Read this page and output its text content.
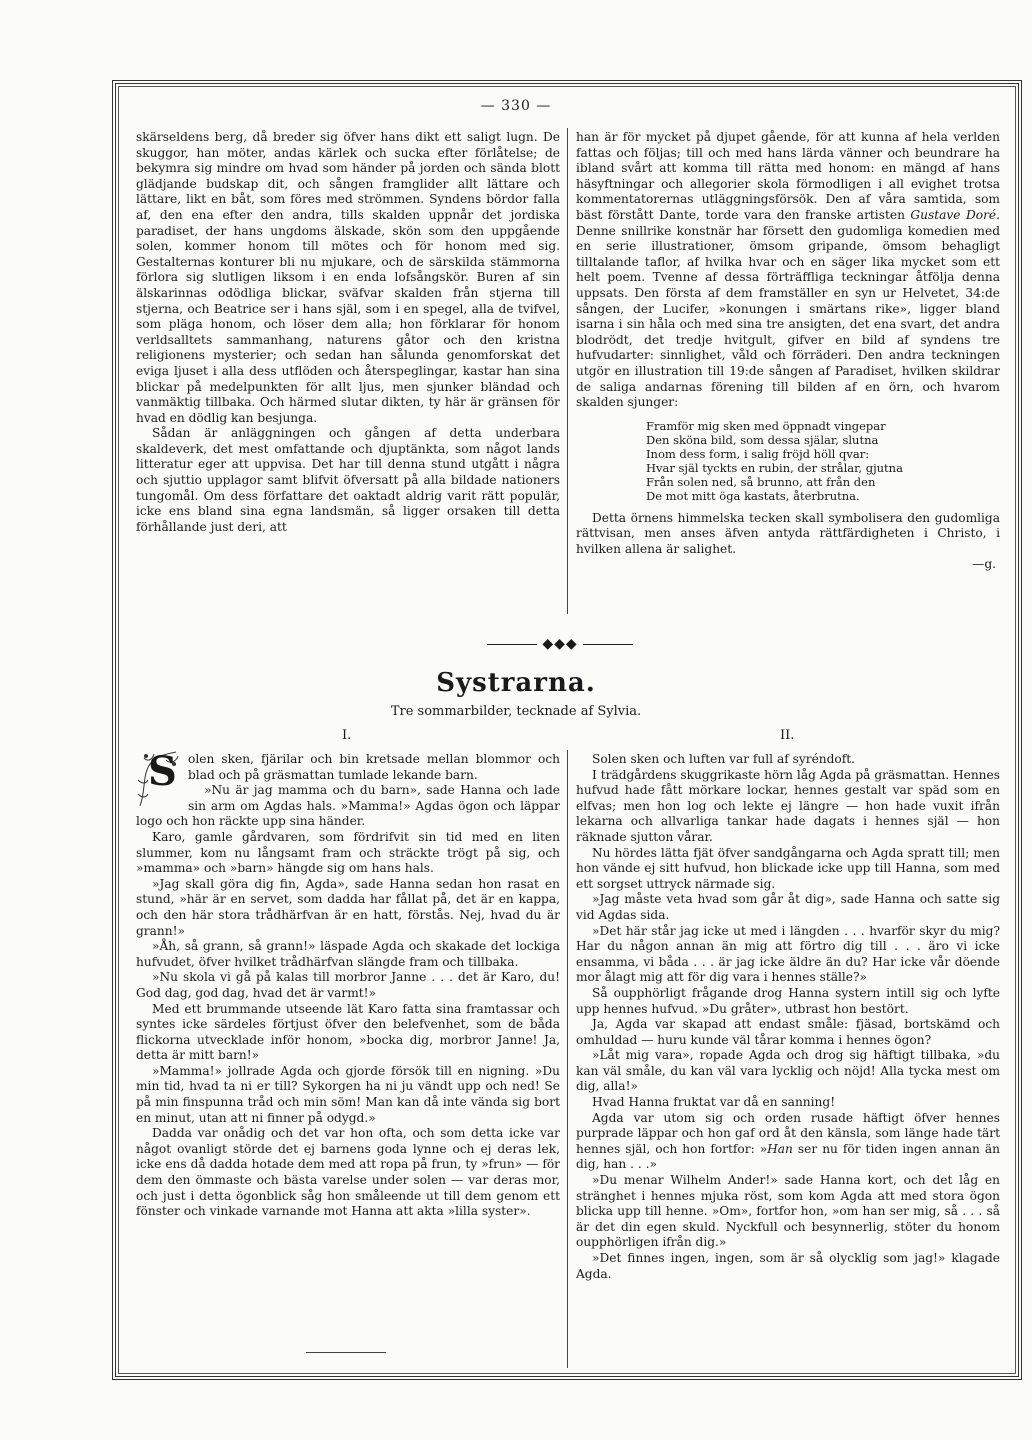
— 330 —

skärseldens berg, då breder sig öfver hans dikt ett saligt lugn. De skuggor, han möter, andas kärlek och sucka efter förlåtelse; de bekymra sig mindre om hvad som händer på jorden och sända blott glädjande budskap dit, och sången framglider allt lättare och lättare, likt en båt, som föres med strömmen. Syndens bördor falla af, den ena efter den andra, tills skalden uppnår det jordiska paradiset, der hans ungdoms älskade, skön som den uppgående solen, kommer honom till mötes och för honom med sig. Gestalternas konturer bli nu mjukare, och de särskilda stämmorna förlora sig slutligen liksom i en enda lofsångskör. Buren af sin älskarinnas odödliga blickar, sväfvar skalden från stjerna till stjerna, och Beatrice ser i hans själ, som i en spegel, alla de tvifvel, som pläga honom, och löser dem alla; hon förklarar för honom verldsalltets sammanhang, naturens gåtor och den kristna religionens mysterier; och sedan han sålunda genomforskat det eviga ljuset i alla dess utflöden och återspeglingar, kastar han sina blickar på medelpunkten för allt ljus, men sjunker bländad och vanmäktig tillbaka. Och härmed slutar dikten, ty här är gränsen för hvad en dödlig kan besjunga.

Sådan är anläggningen och gången af detta underbara skaldeverk, det mest omfattande och djuptänkta, som något lands litteratur eger att uppvisa. Det har till denna stund utgått i några och sjuttio upplagor samt blifvit öfversatt på alla bildade nationers tungomål. Om dess författare det oaktadt aldrig varit rätt populär, icke ens bland sina egna landsmän, så ligger orsaken till detta förhållande just deri, att

han är för mycket på djupet gående, för att kunna af hela verlden fattas och följas; till och med hans lärda vänner och beundrare ha ibland svårt att komma till rätta med honom: en mängd af hans häsyftningar och allegorier skola förmodligen i all evighet trotsa kommentatorernas utläggningsförsök. Den af våra samtida, som bäst förstått Dante, torde vara den franske artisten Gustave Doré. Denne snillrike konstnär har försett den gudomliga komedien med en serie illustrationer, ömsom gripande, ömsom behagligt tilltalande taflor, af hvilka hvar och en säger lika mycket som ett helt poem. Tvenne af dessa förträffliga teckningar åtfölja denna uppsats. Den första af dem framställer en syn ur Helvetet, 34:de sången, der Lucifer, »konungen i smärtans rike», ligger bland isarna i sin håla och med sina tre ansigten, det ena svart, det andra blodrödt, det tredje hvitgult, gifver en bild af syndens tre hufvudarter: sinnlighet, våld och förräderi. Den andra teckningen utgör en illustration till 19:de sången af Paradiset, hvilken skildrar de saliga andarnas förening till bilden af en örn, och hvarom skalden sjunger:

Framför mig sken med öppnadt vingepar
Den sköna bild, som dessa själar, slutna
Inom dess form, i salig fröjd höll qvar:
Hvar själ tyckts en rubin, der strålar, gjutna
Från solen ned, så brunno, att från den
De mot mitt öga kastats, återbrutna.

Detta örnens himmelska tecken skall symbolisera den gudomliga rättvisan, men anses äfven antyda rättfärdigheten i Christo, i hvilken allena är salighet.

—g.
◆◆◆
Systrarna.
Tre sommarbilder, tecknade af Sylvia.
I.	II.
S olen sken, fjärilar och bin kretsade mellan blommor och blad och på gräsmattan tumlade lekande barn.

»Nu är jag mamma och du barn», sade Hanna och lade sin arm om Agdas hals. »Mamma!» Agdas ögon och läppar logo och hon räckte upp sina händer.

Karo, gamle gårdvaren, som fördrifvit sin tid med en liten slummer, kom nu långsamt fram och sträckte trögt på sig, och »mamma» och »barn» hängde sig om hans hals.

»Jag skall göra dig fin, Agda», sade Hanna sedan hon rasat en stund, »här är en servet, som dadda har fållat på, det är en kappa, och den här stora trådhärfvan är en hatt, förstås. Nej, hvad du är grann!»

»Åh, så grann, så grann!» läspade Agda och skakade det lockiga hufvudet, öfver hvilket trådhärfvan slängde fram och tillbaka.

»Nu skola vi gå på kalas till morbror Janne . . . det är Karo, du! God dag, god dag, hvad det är varmt!»

Med ett brummande utseende lät Karo fatta sina framtassar och syntes icke särdeles förtjust öfver den belefvenhet, som de båda flickorna utvecklade inför honom, »bocka dig, morbror Janne! Ja, detta är mitt barn!»

»Mamma!» jollrade Agda och gjorde försök till en nigning. »Du min tid, hvad ta ni er till? Sykorgen ha ni ju vändt upp och ned! Se på min finspunna tråd och min söm! Man kan då inte vända sig bort en minut, utan att ni finner på odygd.»

Dadda var onådig och det var hon ofta, och som detta icke var något ovanligt störde det ej barnens goda lynne och ej deras lek, icke ens då dadda hotade dem med att ropa på frun, ty »frun» — för dem den ömmaste och bästa varelse under solen — var deras mor, och just i detta ögonblick såg hon småleende ut till dem genom ett fönster och vinkade varnande mot Hanna att akta »lilla syster».

Solen sken och luften var full af syréndoft.

I trädgårdens skuggrikaste hörn låg Agda på gräsmattan. Hennes hufvud hade fått mörkare lockar, hennes gestalt var späd som en elfvas; men hon log och lekte ej längre — hon hade vuxit ifrån lekarna och allvarliga tankar hade dagats i hennes själ — hon räknade sjutton vårar.

Nu hördes lätta fjät öfver sandgångarna och Agda spratt till; men hon vände ej sitt hufvud, hon blickade icke upp till Hanna, som med ett sorgset uttryck närmade sig.

»Jag måste veta hvad som går åt dig», sade Hanna och satte sig vid Agdas sida.

»Det här står jag icke ut med i längden . . . hvarför skyr du mig? Har du någon annan än mig att förtro dig till . . . äro vi icke ensamma, vi båda . . . är jag icke äldre än du? Har icke vår döende mor ålagt mig att för dig vara i hennes ställe?»

Så oupphörligt frågande drog Hanna systern intill sig och lyfte upp hennes hufvud. »Du gråter», utbrast hon bestört.

Ja, Agda var skapad att endast småle: fjäsad, bortskämd och omhuldad — huru kunde väl tårar komma i hennes ögon?

»Låt mig vara», ropade Agda och drog sig häftigt tillbaka, »du kan väl småle, du kan väl vara lycklig och nöjd! Alla tycka mest om dig, alla!»

Hvad Hanna fruktat var då en sanning!

Agda var utom sig och orden rusade häftigt öfver hennes purprade läppar och hon gaf ord åt den känsla, som länge hade tärt hennes själ, och hon fortfor: »Han ser nu för tiden ingen annan än dig, han . . .»

»Du menar Wilhelm Ander!» sade Hanna kort, och det låg en stränghet i hennes mjuka röst, som kom Agda att med stora ögon blicka upp till henne. »Om», fortfor hon, »om han ser mig, så . . . så är det din egen skuld. Nyckfull och besynnerlig, stöter du honom oupphörligen ifrån dig.»

»Det finnes ingen, ingen, som är så olycklig som jag!» klagade Agda.
